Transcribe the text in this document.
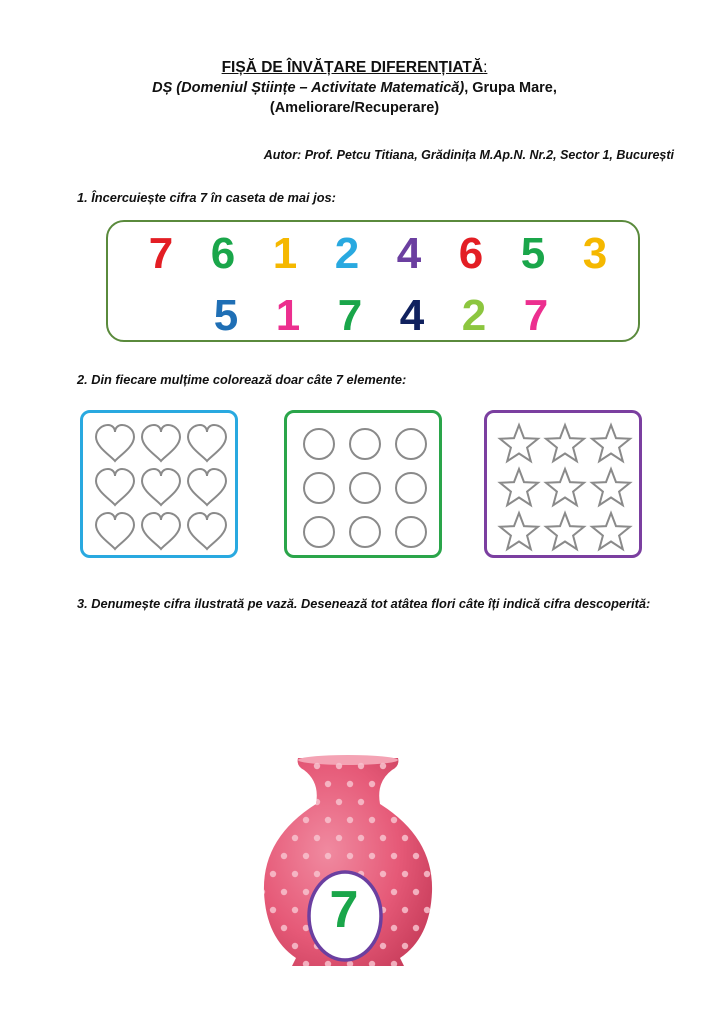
FIȘĂ DE ÎNVĂȚARE DIFERENȚIATĂ:
DȘ (Domeniul Științe – Activitate Matematică), Grupa Mare,
(Ameliorare/Recuperare)
Autor: Prof. Petcu Titiana, Grădinița M.Ap.N. Nr.2, Sector 1, București
1. Încercuiește cifra 7 în caseta de mai jos:
7 6 1 2 4 6 5 3
5 1 7 4 2 7
2. Din fiecare mulțime colorează doar câte 7 elemente:
3. Denumește cifra ilustrată pe vază. Desenează tot atâtea flori câte îți indică cifra descoperită:
7
